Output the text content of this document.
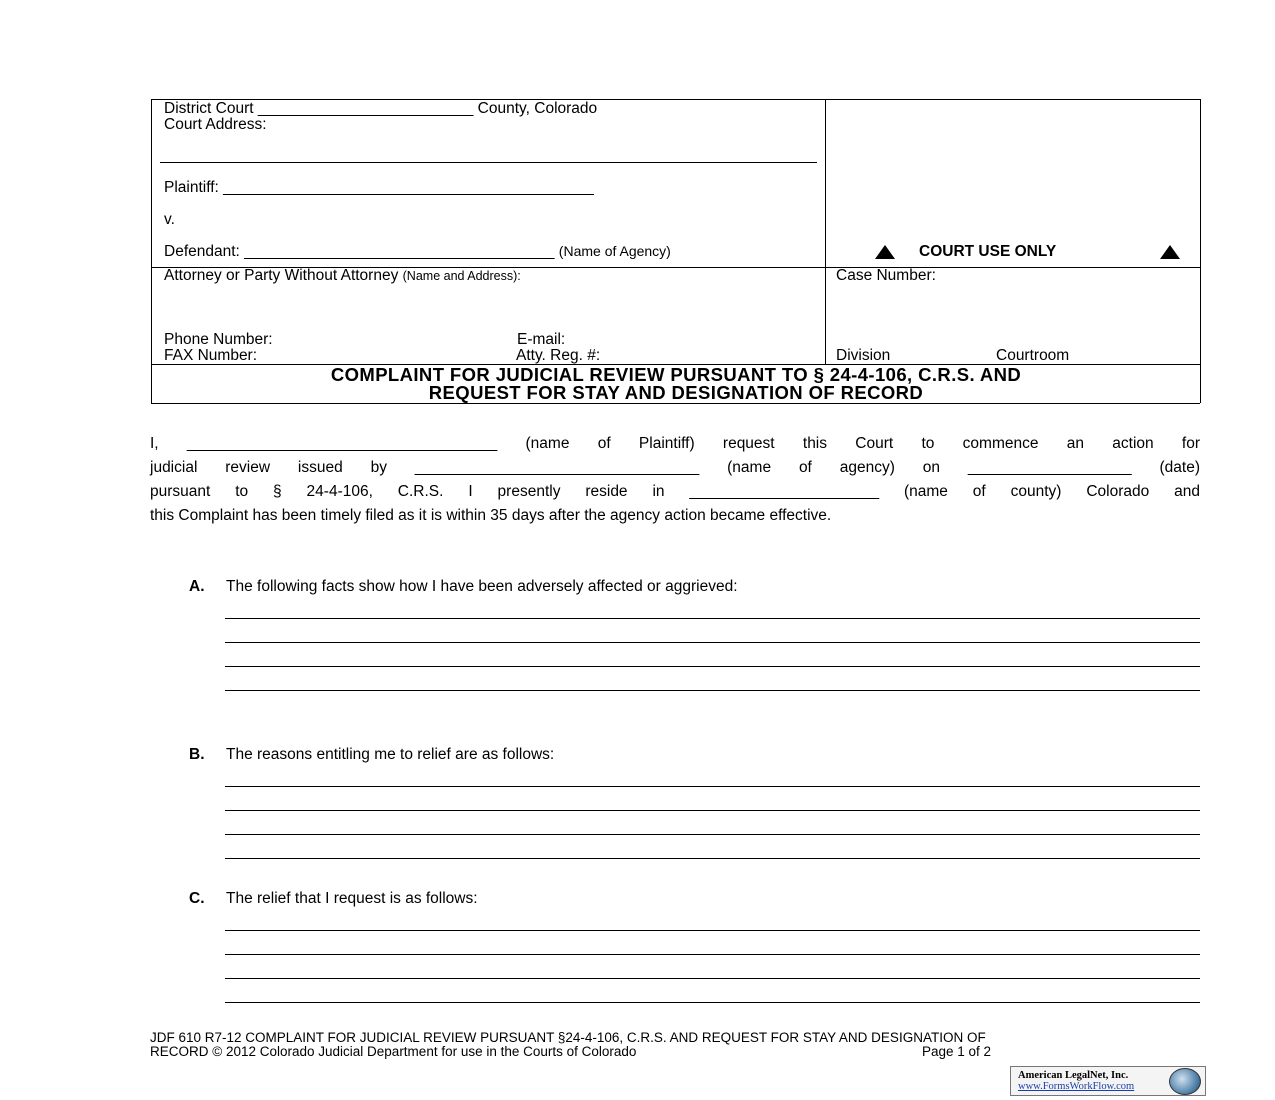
District Court _________________________ County, Colorado
Court Address:
Plaintiff: ___________________________________________
v.
Defendant: ____________________________________ (Name of Agency)	COURT USE ONLY
Attorney or Party Without Attorney (Name and Address):
Phone Number:	E-mail:
FAX Number:	Atty. Reg. #:
Case Number:
Division	Courtroom
COMPLAINT FOR JUDICIAL REVIEW PURSUANT TO § 24-4-106, C.R.S. AND
REQUEST FOR STAY AND DESIGNATION OF RECORD

I, ____________________________________ (name of Plaintiff) request this Court to commence an action for

judicial review issued by _________________________________ (name of agency) on ___________________ (date)

pursuant to § 24-4-106, C.R.S. I presently reside in ______________________ (name of county) Colorado and

this Complaint has been timely filed as it is within 35 days after the agency action became effective.

A. The following facts show how I have been adversely affected or aggrieved:
B. The reasons entitling me to relief are as follows:
C. The relief that I request is as follows:
JDF 610 R7-12 COMPLAINT FOR JUDICIAL REVIEW PURSUANT §24-4-106, C.R.S. AND REQUEST FOR STAY AND DESIGNATION OF
RECORD © 2012 Colorado Judicial Department for use in the Courts of Colorado	Page 1 of 2
American LegalNet, Inc.
www.FormsWorkFlow.com
